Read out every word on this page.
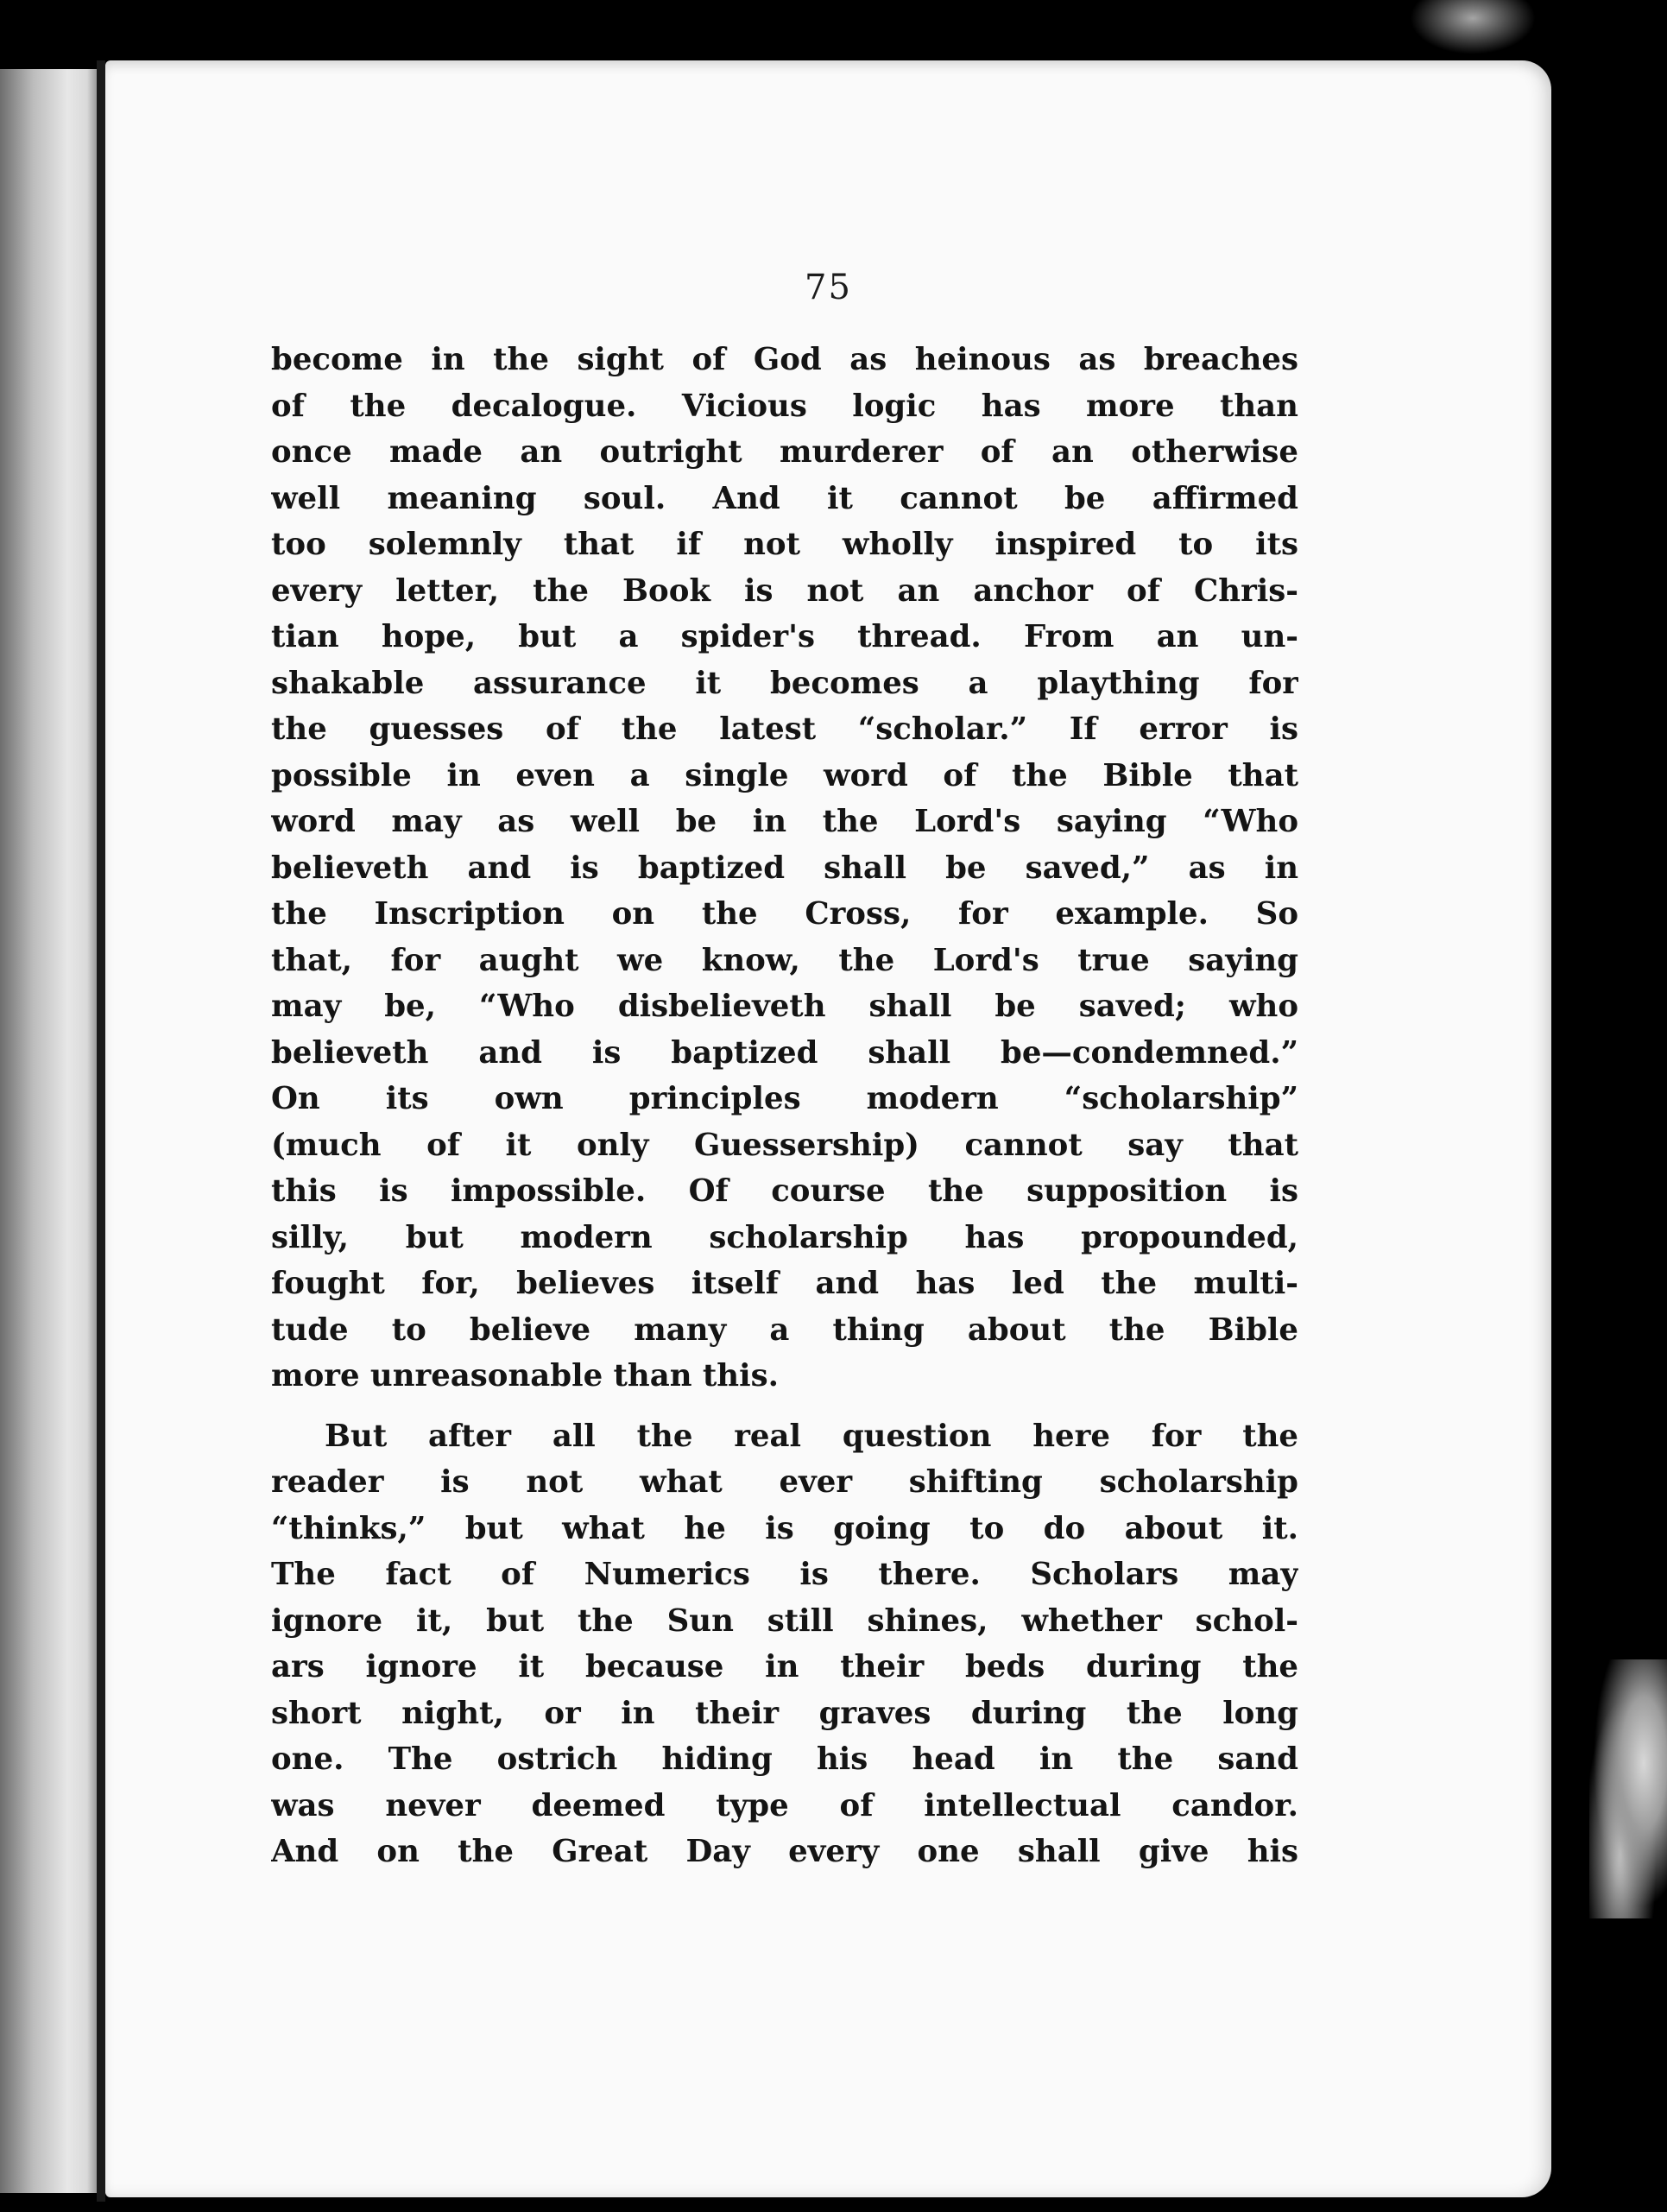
75
become in the sight of God as heinous as breaches
of the decalogue. Vicious logic has more than
once made an outright murderer of an otherwise
well meaning soul. And it cannot be affirmed
too solemnly that if not wholly inspired to its
every letter, the Book is not an anchor of Chris-
tian hope, but a spider's thread. From an un-
shakable assurance it becomes a plaything for
the guesses of the latest “scholar.” If error is
possible in even a single word of the Bible that
word may as well be in the Lord's saying “Who
believeth and is baptized shall be saved,” as in
the Inscription on the Cross, for example. So
that, for aught we know, the Lord's true saying
may be, “Who disbelieveth shall be saved; who
believeth and is baptized shall be—condemned.”
On its own principles modern “scholarship”
(much of it only Guessership) cannot say that
this is impossible. Of course the supposition is
silly, but modern scholarship has propounded,
fought for, believes itself and has led the multi-
tude to believe many a thing about the Bible
more unreasonable than this.
But after all the real question here for the
reader is not what ever shifting scholarship
“thinks,” but what he is going to do about it.
The fact of Numerics is there. Scholars may
ignore it, but the Sun still shines, whether schol-
ars ignore it because in their beds during the
short night, or in their graves during the long
one. The ostrich hiding his head in the sand
was never deemed type of intellectual candor.
And on the Great Day every one shall give his
